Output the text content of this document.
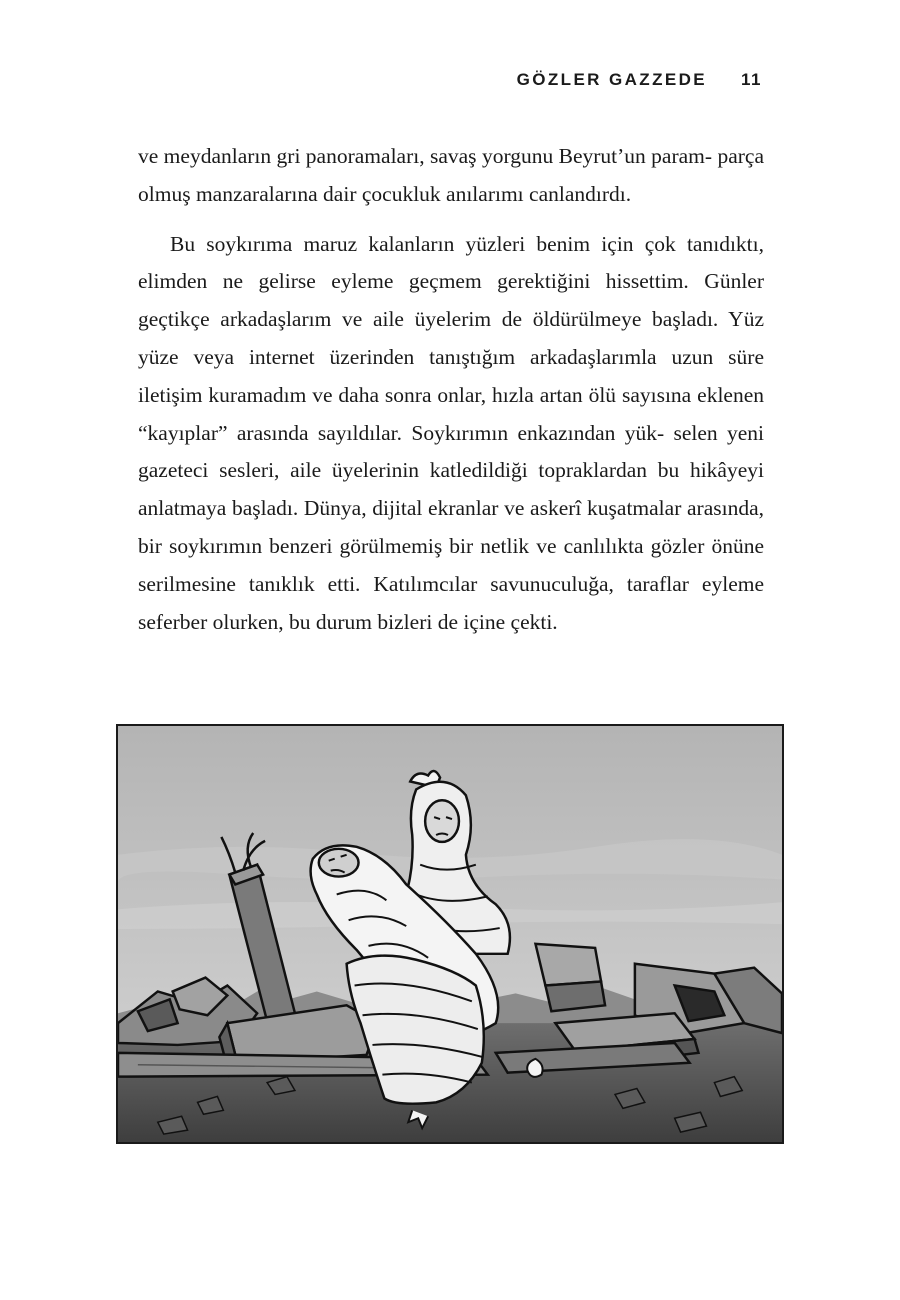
GÖZLER GAZZEDE 11

ve meydanların gri panoramaları, savaş yorgunu Beyrut’un param- parça olmuş manzaralarına dair çocukluk anılarımı canlandırdı.

Bu soykırıma maruz kalanların yüzleri benim için çok tanıdıktı, elimden ne gelirse eyleme geçmem gerektiğini hissettim. Günler geçtikçe arkadaşlarım ve aile üyelerim de öldürülmeye başladı. Yüz yüze veya internet üzerinden tanıştığım arkadaşlarımla uzun süre iletişim kuramadım ve daha sonra onlar, hızla artan ölü sayısına eklenen “kayıplar” arasında sayıldılar. Soykırımın enkazından yük- selen yeni gazeteci sesleri, aile üyelerinin katledildiği topraklardan bu hikâyeyi anlatmaya başladı. Dünya, dijital ekranlar ve askerî kuşatmalar arasında, bir soykırımın benzeri görülmemiş bir netlik ve canlılıkta gözler önüne serilmesine tanıklık etti. Katılımcılar savunuculuğa, taraflar eyleme seferber olurken, bu durum bizleri de içine çekti.
